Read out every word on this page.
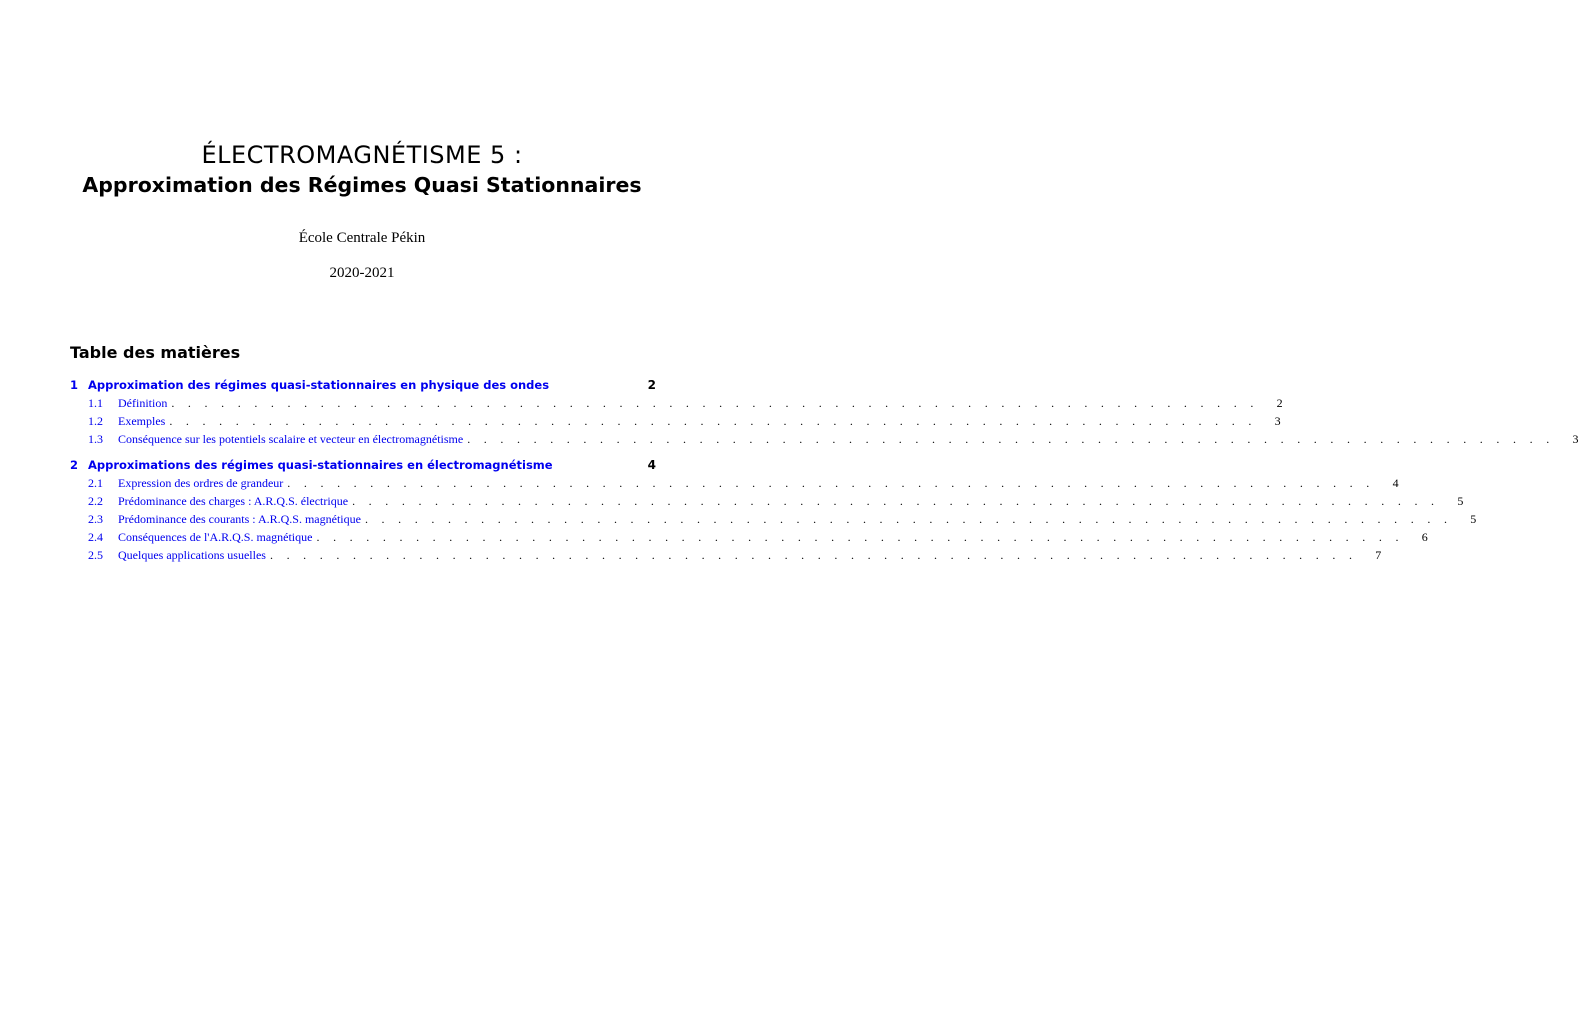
ÉLECTROMAGNÉTISME 5 :
Approximation des Régimes Quasi Stationnaires
École Centrale Pékin
2020-2021
Table des matières
1 Approximation des régimes quasi-stationnaires en physique des ondes	2
1.1	Définition . . . . . . . . . . . . . . . . . . . . . . . . . . . . . . . . . . . . . . . . . . . . . . . . . . . . . . . . . . . . . . . . . . 2
1.2	Exemples . . . . . . . . . . . . . . . . . . . . . . . . . . . . . . . . . . . . . . . . . . . . . . . . . . . . . . . . . . . . . . . . . . 3
1.3	Conséquence sur les potentiels scalaire et vecteur en électromagnétisme . . . . . . . . . . . . . . . . . . . . . . . . . . . . . . . . . . . . . . . . . . . . . . . . . . . . . . . . . . . . . . . . . . 3
2 Approximations des régimes quasi-stationnaires en électromagnétisme	4
2.1	Expression des ordres de grandeur . . . . . . . . . . . . . . . . . . . . . . . . . . . . . . . . . . . . . . . . . . . . . . . . . . . . . . . . . . . . . . . . . . 4
2.2	Prédominance des charges : A.R.Q.S. électrique . . . . . . . . . . . . . . . . . . . . . . . . . . . . . . . . . . . . . . . . . . . . . . . . . . . . . . . . . . . . . . . . . . 5
2.3	Prédominance des courants : A.R.Q.S. magnétique . . . . . . . . . . . . . . . . . . . . . . . . . . . . . . . . . . . . . . . . . . . . . . . . . . . . . . . . . . . . . . . . . . 5
2.4	Conséquences de l'A.R.Q.S. magnétique . . . . . . . . . . . . . . . . . . . . . . . . . . . . . . . . . . . . . . . . . . . . . . . . . . . . . . . . . . . . . . . . . . 6
2.5	Quelques applications usuelles . . . . . . . . . . . . . . . . . . . . . . . . . . . . . . . . . . . . . . . . . . . . . . . . . . . . . . . . . . . . . . . . . . 7
